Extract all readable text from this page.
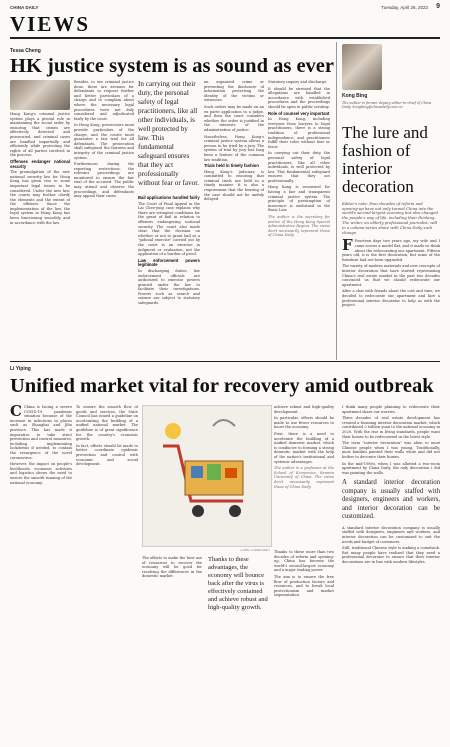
CHINA DAILY	Tuesday, April 26, 2022 9
VIEWS
Tessa Cheng
HK justice system is as sound as ever

Hong Kong's criminal justice system plays a pivotal role in maintaining the social order by ensuring that crimes are effectively detected and prosecuted, and criminal cases are handled impartially and efficiently while protecting the rights of all parties involved in the process.

Offenses endanger national security

The promulgation of the new national security law for Hong Kong has given rise to some important legal issues to be considered. Under the new law, the courts may further clarify the elements and the extent of the offenses. Since the implementation of the law, the legal system in Hong Kong has been functioning smoothly and in accordance with the law.

Besides, to see criminal justice done, there are avenues for defendants to request further and better particulars of a charge and to complain about where the necessary legal procedures were not duly considered and adjudicated fairly by the court.

In Hong Kong, prosecutors must provide particulars of the charge, and the courts must guarantee a fair trial for all defendants. The prosecution shall safeguard the fairness and integrity of the criminal justice system.

Furthermore, during the reporting restrictions, the relevant proceedings are monitored to ensure the fair trial of the accused. The public may attend and observe the proceedings, and defendants may appeal their cases.

In carrying out their duty, the personal safety of legal practitioners, like all other individuals, is well protected by law. This fundamental safeguard ensures that they act professionally without fear or favor.
Bail applications handled fairly

The Court of Final Appeal in the Lai Chee-ying case explains why there are stringent conditions for the grant of bail in relation to offenses endangering national security. The court also made clear that the decision on whether or not to grant bail as a "judicial exercise" carried out by the court is an exercise in judgment or evaluation, not the application of a burden of proof.

Law enforcement powers legitimate

In discharging duties, law enforcement officials are authorized to exercise powers granted under the law to facilitate their investigations. Powers such as search and seizure are subject to statutory safeguards.

an organized crime or preventing the disclosure of information protecting the identity of the victims or witnesses.

Such orders may be made on an ex parte application to a judge, and then the court considers whether the order is justified in the interests of the administration of justice.

Nonetheless, Hong Kong's criminal justice system allows a person to be tried by a jury. The system of trial by jury has long been a feature of the common law tradition.

Trials held in timely fashion

Hong Kong's judiciary is committed to ensuring that criminal trials are held in a timely manner. It is also a requirement that the hearing of the case should not be unduly delayed.

Statutory inquiry and discharge.

It should be stressed that the allegations are handled in accordance with established procedures and the proceedings should be open to public scrutiny.

Role of counsel very important

In Hong Kong, including everyone from lawyers to legal practitioners, there is a strong tradition of professional independence, and practitioners fulfill their roles without fear or favor.

In carrying out their duty, the personal safety of legal practitioners, like all other individuals, is well protected by law. This fundamental safeguard ensures that they act professionally.

Hong Kong is renowned for having a fair and transparent criminal justice system. The principle of presumption of innocence is enshrined in the Basic Law.

The author is the secretary for justice of the Hong Kong Special Administrative Region. The views don't necessarily represent those of China Daily.

Kong Bing
The author is former deputy editor-in-chief of China Daily. kongbing@chinadaily.com.cn
The lure and fashion of interior decoration
Editor's note: Four decades of reform and opening-up have not only turned China into the world's second-largest economy but also changed the people's way of life, including their thinking. The writer, an elderly professional journalist, will in a column-series share with China Daily such change.

F Fourteen days two years ago, my wife and I came across a model flat, and it made us think about the redecorating our apartment. Fifteen years old, it is the first decoration, but some of the furniture had not been upgraded.

The variety of modern materials and new concepts of interior decoration that have started rejuvenating China's real estate market in the past two decades convinced us that we should redecorate our apartment.

After a chat with friends about the cost and time, we decided to redecorate our apartment and hire a professional interior decorator to help us with the project.

Li Yiping
Unified market vital for recovery amid outbreak

C China is facing a severe COVID-19 pandemic situation because of the increase in infections in places such as Shanghai and Jilin province. This has made it imperative to take strict prevention and control measures, including implementing lockdowns if needed, to contain the resurgence of the novel coronavirus.

However, the impact on people's livelihoods, economic activities and logistics shows the need to ensure the smooth running of the national economy.

To ensure the smooth flow of goods and services, the State Council has issued a guideline on accelerating the building of a unified national market. The guideline is of great significance for the country's economic growth.

In fact, efforts should be made to better coordinate epidemic prevention and control with economic and social development.

LI MIN / CHINA DAILY

The efforts to make the best use of resources to recover the economy will be good for resolving the differences in the domestic market.

Thanks to these advantages, the economy will bounce back after the virus is effectively contained and achieve robust and high-quality growth.

Thanks to these more than two decades of reform and opening-up, China has become the world's second-largest economy and a major trading power.

The aim is to ensure the free flow of production factors and resources, and to break local protectionism and market segmentation.

achieve robust and high-quality development.

In particular, efforts should be made to use fewer resources to boost the economy.

First, there is a need to accelerate the building of a unified domestic market, which is conducive to forming a strong domestic market with the help of the nation's institutional and systemic advantages.

The author is a professor at the School of Economics, Renmin University of China. The views don't necessarily represent those of China Daily.

I think many people planning to redecorate their apartment share our worries.

Three decades of real estate development has created a booming interior decoration market, which contributed 2 trillion yuan to the national economy in 2020. With the rise in living standards, people want their homes to be redecorated in the latest style.

The term "interior decoration" was alien to most Chinese people when I was young. Traditionally, most families painted their walls white and did not bother to decorate their homes.

In the mid-1980s, when I was allotted a two-room apartment by China Daily, the only decoration I did was painting the walls.

A standard interior decoration company is usually staffed with designers, engineers and workers, and interior decoration can be customized.

A standard interior decoration company is usually staffed with designers, engineers and workers, and interior decoration can be customized to suit the needs and budget of customers.

Still, traditional Chinese style is making a comeback. But many people have realized that they need a professional decorator to ensure that their interior decorations are in line with modern lifestyles.
